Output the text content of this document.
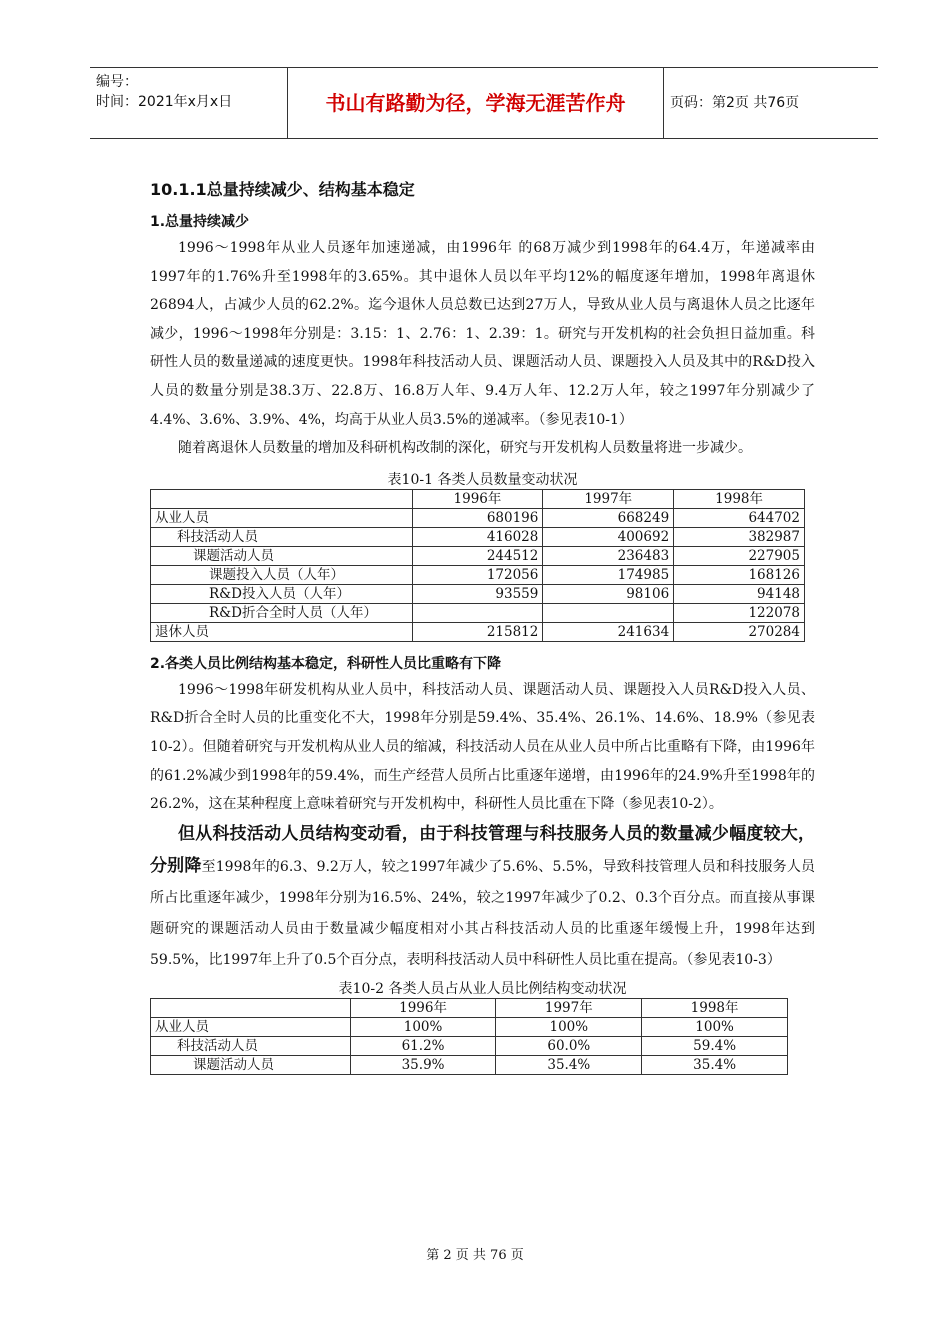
编号：
时间：2021年x月x日	书山有路勤为径，学海无涯苦作舟	页码：第2页 共76页
10.1.1总量持续减少、结构基本稳定
1.总量持续减少

1996～1998年从业人员逐年加速递减，由1996年 的68万减少到1998年的64.4万，年递减率由1997年的1.76%升至1998年的3.65%。其中退休人员以年平均12%的幅度逐年增加，1998年离退休26894人，占减少人员的62.2%。迄今退休人员总数已达到27万人，导致从业人员与离退休人员之比逐年减少，1996～1998年分别是：3.15：1、2.76：1、2.39：1。研究与开发机构的社会负担日益加重。科研性人员的数量递减的速度更快。1998年科技活动人员、课题活动人员、课题投入人员及其中的R&D投入人员的数量分别是38.3万、22.8万、16.8万人年、9.4万人年、12.2万人年，较之1997年分别减少了4.4%、3.6%、3.9%、4%，均高于从业人员3.5%的递减率。（参见表10-1）

随着离退休人员数量的增加及科研机构改制的深化，研究与开发机构人员数量将进一步减少。

表10-1 各类人员数量变动状况
	1996年	1997年	1998年
从业人员	680196	668249	644702
科技活动人员	416028	400692	382987
课题活动人员	244512	236483	227905
课题投入人员（人年）	172056	174985	168126
R&D投入人员（人年）	93559	98106	94148
R&D折合全时人员（人年）			122078
退休人员	215812	241634	270284
2.各类人员比例结构基本稳定，科研性人员比重略有下降

1996～1998年研发机构从业人员中，科技活动人员、课题活动人员、课题投入人员R&D投入人员、R&D折合全时人员的比重变化不大，1998年分别是59.4%、35.4%、26.1%、14.6%、18.9%（参见表10-2）。但随着研究与开发机构从业人员的缩减，科技活动人员在从业人员中所占比重略有下降，由1996年的61.2%减少到1998年的59.4%，而生产经营人员所占比重逐年递增，由1996年的24.9%升至1998年的26.2%，这在某种程度上意味着研究与开发机构中，科研性人员比重在下降（参见表10-2）。

但从科技活动人员结构变动看，由于科技管理与科技服务人员的数量减少幅度较大，分别降至1998年的6.3、9.2万人，较之1997年减少了5.6%、5.5%，导致科技管理人员和科技服务人员所占比重逐年减少，1998年分别为16.5%、24%，较之1997年减少了0.2、0.3个百分点。而直接从事课题研究的课题活动人员由于数量减少幅度相对小其占科技活动人员的比重逐年缓慢上升，1998年达到59.5%，比1997年上升了0.5个百分点，表明科技活动人员中科研性人员比重在提高。（参见表10-3）

表10-2 各类人员占从业人员比例结构变动状况
	1996年	1997年	1998年
从业人员	100%	100%	100%
科技活动人员	61.2%	60.0%	59.4%
课题活动人员	35.9%	35.4%	35.4%
第 2 页 共 76 页
